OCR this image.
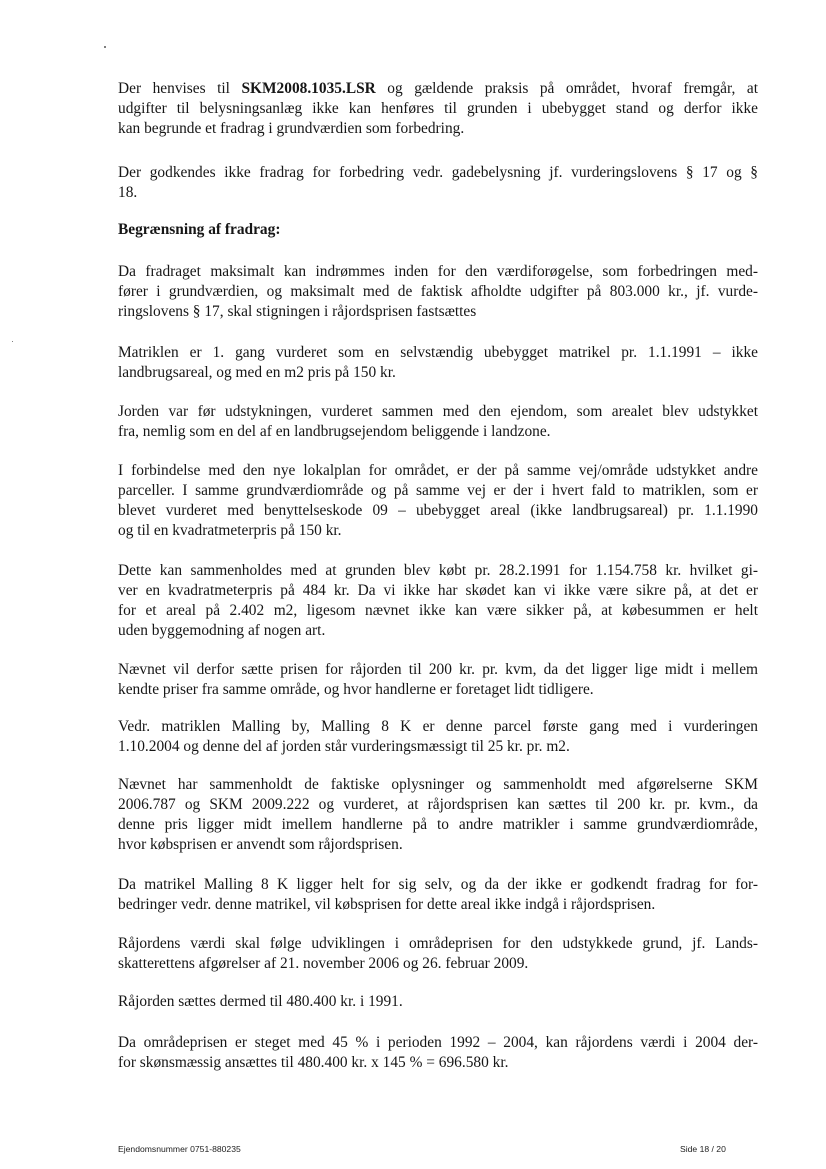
Der henvises til SKM2008.1035.LSR og gældende praksis på området, hvoraf fremgår, at
udgifter til belysningsanlæg ikke kan henføres til grunden i ubebygget stand og derfor ikke
kan begrunde et fradrag i grundværdien som forbedring.

Der godkendes ikke fradrag for forbedring vedr. gadebelysning jf. vurderingslovens § 17 og §
18.

Begrænsning af fradrag:

Da fradraget maksimalt kan indrømmes inden for den værdiforøgelse, som forbedringen med-
fører i grundværdien, og maksimalt med de faktisk afholdte udgifter på 803.000 kr., jf. vurde-
ringslovens § 17, skal stigningen i råjordsprisen fastsættes

Matriklen er 1. gang vurderet som en selvstændig ubebygget matrikel pr. 1.1.1991 – ikke
landbrugsareal, og med en m2 pris på 150 kr.

Jorden var før udstykningen, vurderet sammen med den ejendom, som arealet blev udstykket
fra, nemlig som en del af en landbrugsejendom beliggende i landzone.

I forbindelse med den nye lokalplan for området, er der på samme vej/område udstykket andre
parceller. I samme grundværdiområde og på samme vej er der i hvert fald to matriklen, som er
blevet vurderet med benyttelseskode 09 – ubebygget areal (ikke landbrugsareal) pr. 1.1.1990
og til en kvadratmeterpris på 150 kr.

Dette kan sammenholdes med at grunden blev købt pr. 28.2.1991 for 1.154.758 kr. hvilket gi-
ver en kvadratmeterpris på 484 kr. Da vi ikke har skødet kan vi ikke være sikre på, at det er
for et areal på 2.402 m2, ligesom nævnet ikke kan være sikker på, at købesummen er helt
uden byggemodning af nogen art.

Nævnet vil derfor sætte prisen for råjorden til 200 kr. pr. kvm, da det ligger lige midt i mellem
kendte priser fra samme område, og hvor handlerne er foretaget lidt tidligere.

Vedr. matriklen Malling by, Malling 8 K er denne parcel første gang med i vurderingen
1.10.2004 og denne del af jorden står vurderingsmæssigt til 25 kr. pr. m2.

Nævnet har sammenholdt de faktiske oplysninger og sammenholdt med afgørelserne SKM
2006.787 og SKM 2009.222 og vurderet, at råjordsprisen kan sættes til 200 kr. pr. kvm., da
denne pris ligger midt imellem handlerne på to andre matrikler i samme grundværdiområde,
hvor købsprisen er anvendt som råjordsprisen.

Da matrikel Malling 8 K ligger helt for sig selv, og da der ikke er godkendt fradrag for for-
bedringer vedr. denne matrikel, vil købsprisen for dette areal ikke indgå i råjordsprisen.

Råjordens værdi skal følge udviklingen i områdeprisen for den udstykkede grund, jf. Lands-
skatterettens afgørelser af 21. november 2006 og 26. februar 2009.

Råjorden sættes dermed til 480.400 kr. i 1991.

Da områdeprisen er steget med 45 % i perioden 1992 – 2004, kan råjordens værdi i 2004 der-
for skønsmæssig ansættes til 480.400 kr. x 145 % = 696.580 kr.

Ejendomsnummer 0751-880235	Side 18 / 20
